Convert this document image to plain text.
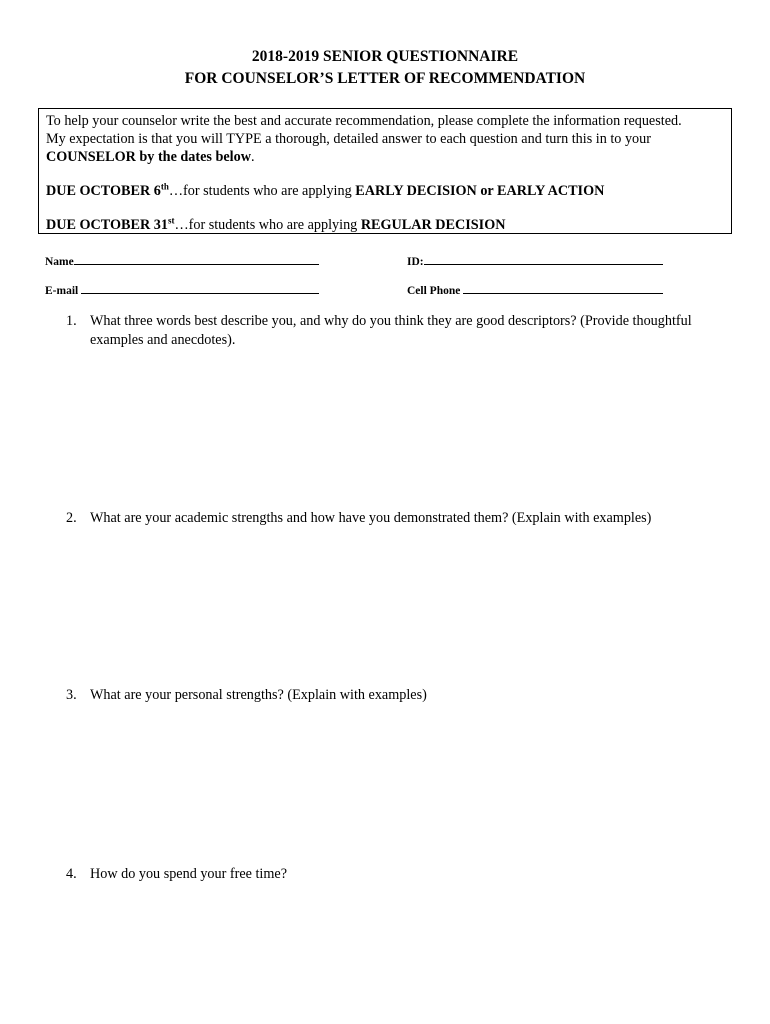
2018-2019 SENIOR QUESTIONNAIRE
FOR COUNSELOR’S LETTER OF RECOMMENDATION
To help your counselor write the best and accurate recommendation, please complete the information requested.
My expectation is that you will TYPE a thorough, detailed answer to each question and turn this in to your
COUNSELOR by the dates below.
DUE OCTOBER 6th…for students who are applying EARLY DECISION or EARLY ACTION
DUE OCTOBER 31st…for students who are applying REGULAR DECISION
Name	ID:
E-mail	Cell Phone
1. What three words best describe you, and why do you think they are good descriptors? (Provide thoughtful examples and anecdotes).
2. What are your academic strengths and how have you demonstrated them? (Explain with examples)
3. What are your personal strengths? (Explain with examples)
4. How do you spend your free time?
